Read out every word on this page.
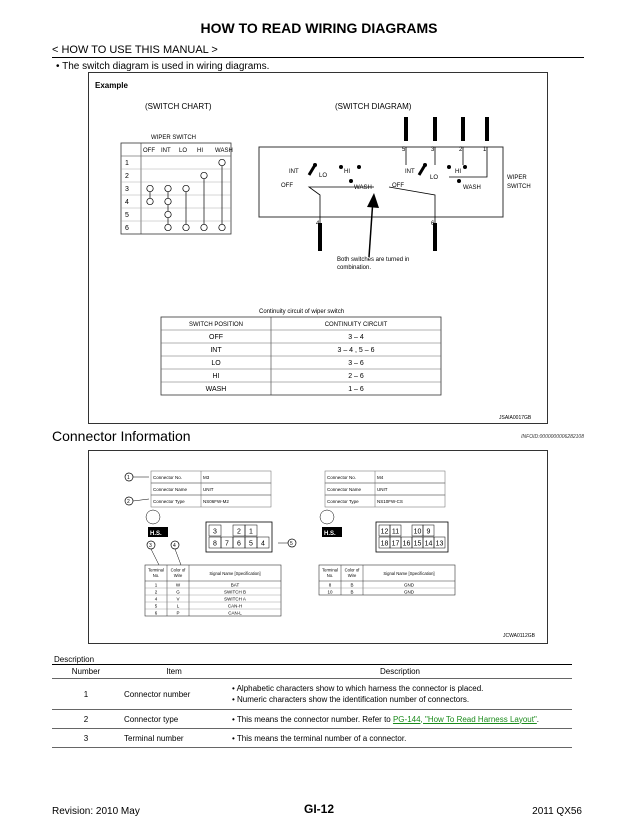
HOW TO READ WIRING DIAGRAMS
< HOW TO USE THIS MANUAL >
• The switch diagram is used in wiring diagrams.
Example
(SWITCH CHART)	(SWITCH DIAGRAM)
WIPER SWITCH
OFF INT LO HI WASH
1
2
3
4
5
6
5	3	2	1
4	6
INT
LO
HI
OFF	WASH
INT
LO
HI
OFF	WASH
WIPER
SWITCH
Both switches are turned in
combination.
Continuity circuit of wiper switch
SWITCH POSITION	CONTINUITY CIRCUIT
OFF	3 – 4
INT	3 – 4 , 5 – 6
LO	3 – 6
HI	2 – 6
WASH	1 – 6
JSAIA0017GB
Connector Information	INFOID:0000000006282108
1
2
3	4	5
Connector No.	M3
Connector Name	UNIT
Connector Type	NS06FW-M2
H.S.	3	2 1
8 7 6 5 4
Terminal
No.
Color of
Wire	Signal Name [Specification]
1	W	BAT
2	G	SWITCH B
4	V	SWITCH A
5	L	CAN-H
6	P	CAN-L
Connector No.	M4
Connector Name	UNIT
Connector Type	NS10FW-CS
H.S.	12 11 10 9
18 17 16 15 14 13
Terminal
No.
Color of
Wire	Signal Name [Specification]
8	B	GND
10	B	GND
JCWA0112GB
Description
Number	Item	Description
1	Connector number	• Alphabetic characters show to which harness the connector is placed.
• Numeric characters show the identification number of connectors.

2	Connector type	• This means the connector number. Refer to PG-144, "How To Read Harness Layout".
3	Terminal number	• This means the terminal number of a connector.
Revision: 2010 May	GI-12	2011 QX56
